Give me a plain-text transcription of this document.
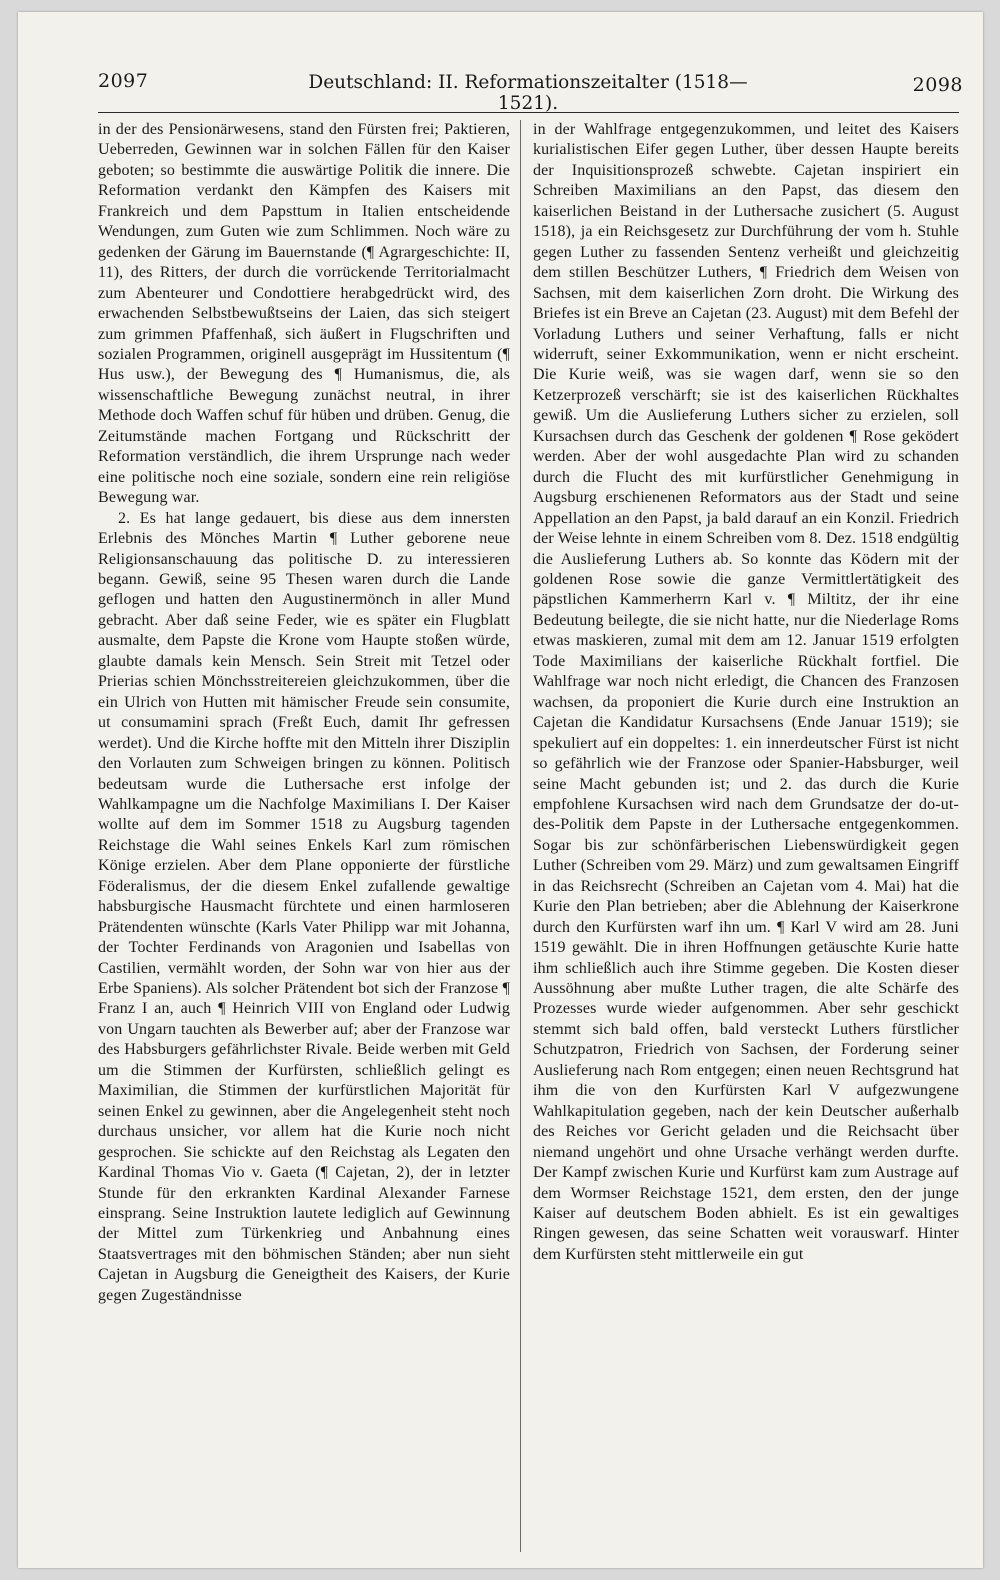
2097	Deutschland: II. Reformationszeitalter (1518—1521).
2098

in der des Pensionärwesens, stand den Fürsten frei; Paktieren, Ueberreden, Gewinnen war in solchen Fällen für den Kaiser geboten; so bestimmte die auswärtige Politik die innere. Die Reformation verdankt den Kämpfen des Kaisers mit Frankreich und dem Papsttum in Italien entscheidende Wendungen, zum Guten wie zum Schlimmen. Noch wäre zu gedenken der Gärung im Bauernstande (¶ Agrargeschichte: II, 11), des Ritters, der durch die vorrückende Territorialmacht zum Abenteurer und Condottiere herabgedrückt wird, des erwachenden Selbstbewußtseins der Laien, das sich steigert zum grimmen Pfaffenhaß, sich äußert in Flugschriften und sozialen Programmen, originell ausgeprägt im Hussitentum (¶ Hus usw.), der Bewegung des ¶ Humanismus, die, als wissenschaftliche Bewegung zunächst neutral, in ihrer Methode doch Waffen schuf für hüben und drüben. Genug, die Zeitumstände machen Fortgang und Rückschritt der Reformation verständlich, die ihrem Ursprunge nach weder eine politische noch eine soziale, sondern eine rein religiöse Bewegung war.

2. Es hat lange gedauert, bis diese aus dem innersten Erlebnis des Mönches Martin ¶ Luther geborene neue Religionsanschauung das politische D. zu interessieren begann. Gewiß, seine 95 Thesen waren durch die Lande geflogen und hatten den Augustinermönch in aller Mund gebracht. Aber daß seine Feder, wie es später ein Flugblatt ausmalte, dem Papste die Krone vom Haupte stoßen würde, glaubte damals kein Mensch. Sein Streit mit Tetzel oder Prierias schien Mönchsstreitereien gleichzukommen, über die ein Ulrich von Hutten mit hämischer Freude sein consumite, ut consumamini sprach (Freßt Euch, damit Ihr gefressen werdet). Und die Kirche hoffte mit den Mitteln ihrer Disziplin den Vorlauten zum Schweigen bringen zu können. Politisch bedeutsam wurde die Luthersache erst infolge der Wahlkampagne um die Nachfolge Maximilians I. Der Kaiser wollte auf dem im Sommer 1518 zu Augsburg tagenden Reichstage die Wahl seines Enkels Karl zum römischen Könige erzielen. Aber dem Plane opponierte der fürstliche Föderalismus, der die diesem Enkel zufallende gewaltige habsburgische Hausmacht fürchtete und einen harmloseren Prätendenten wünschte (Karls Vater Philipp war mit Johanna, der Tochter Ferdinands von Aragonien und Isabellas von Castilien, vermählt worden, der Sohn war von hier aus der Erbe Spaniens). Als solcher Prätendent bot sich der Franzose ¶ Franz I an, auch ¶ Heinrich VIII von England oder Ludwig von Ungarn tauchten als Bewerber auf; aber der Franzose war des Habsburgers gefährlichster Rivale. Beide werben mit Geld um die Stimmen der Kurfürsten, schließlich gelingt es Maximilian, die Stimmen der kurfürstlichen Majorität für seinen Enkel zu gewinnen, aber die Angelegenheit steht noch durchaus unsicher, vor allem hat die Kurie noch nicht gesprochen. Sie schickte auf den Reichstag als Legaten den Kardinal Thomas Vio v. Gaeta (¶ Cajetan, 2), der in letzter Stunde für den erkrankten Kardinal Alexander Farnese einsprang. Seine Instruktion lautete lediglich auf Gewinnung der Mittel zum Türkenkrieg und Anbahnung eines Staatsvertrages mit den böhmischen Ständen; aber nun sieht Cajetan in Augsburg die Geneigtheit des Kaisers, der Kurie gegen Zugeständnisse

in der Wahlfrage entgegenzukommen, und leitet des Kaisers kurialistischen Eifer gegen Luther, über dessen Haupte bereits der Inquisitionsprozeß schwebte. Cajetan inspiriert ein Schreiben Maximilians an den Papst, das diesem den kaiserlichen Beistand in der Luthersache zusichert (5. August 1518), ja ein Reichsgesetz zur Durchführung der vom h. Stuhle gegen Luther zu fassenden Sentenz verheißt und gleichzeitig dem stillen Beschützer Luthers, ¶ Friedrich dem Weisen von Sachsen, mit dem kaiserlichen Zorn droht. Die Wirkung des Briefes ist ein Breve an Cajetan (23. August) mit dem Befehl der Vorladung Luthers und seiner Verhaftung, falls er nicht widerruft, seiner Exkommunikation, wenn er nicht erscheint. Die Kurie weiß, was sie wagen darf, wenn sie so den Ketzerprozeß verschärft; sie ist des kaiserlichen Rückhaltes gewiß. Um die Auslieferung Luthers sicher zu erzielen, soll Kursachsen durch das Geschenk der goldenen ¶ Rose geködert werden. Aber der wohl ausgedachte Plan wird zu schanden durch die Flucht des mit kurfürstlicher Genehmigung in Augsburg erschienenen Reformators aus der Stadt und seine Appellation an den Papst, ja bald darauf an ein Konzil. Friedrich der Weise lehnte in einem Schreiben vom 8. Dez. 1518 endgültig die Auslieferung Luthers ab. So konnte das Ködern mit der goldenen Rose sowie die ganze Vermittlertätigkeit des päpstlichen Kammerherrn Karl v. ¶ Miltitz, der ihr eine Bedeutung beilegte, die sie nicht hatte, nur die Niederlage Roms etwas maskieren, zumal mit dem am 12. Januar 1519 erfolgten Tode Maximilians der kaiserliche Rückhalt fortfiel. Die Wahlfrage war noch nicht erledigt, die Chancen des Franzosen wachsen, da proponiert die Kurie durch eine Instruktion an Cajetan die Kandidatur Kursachsens (Ende Januar 1519); sie spekuliert auf ein doppeltes: 1. ein innerdeutscher Fürst ist nicht so gefährlich wie der Franzose oder Spanier-Habsburger, weil seine Macht gebunden ist; und 2. das durch die Kurie empfohlene Kursachsen wird nach dem Grundsatze der do-ut-des-Politik dem Papste in der Luthersache entgegenkommen. Sogar bis zur schönfärberischen Liebenswürdigkeit gegen Luther (Schreiben vom 29. März) und zum gewaltsamen Eingriff in das Reichsrecht (Schreiben an Cajetan vom 4. Mai) hat die Kurie den Plan betrieben; aber die Ablehnung der Kaiserkrone durch den Kurfürsten warf ihn um. ¶ Karl V wird am 28. Juni 1519 gewählt. Die in ihren Hoffnungen getäuschte Kurie hatte ihm schließlich auch ihre Stimme gegeben. Die Kosten dieser Aussöhnung aber mußte Luther tragen, die alte Schärfe des Prozesses wurde wieder aufgenommen. Aber sehr geschickt stemmt sich bald offen, bald versteckt Luthers fürstlicher Schutzpatron, Friedrich von Sachsen, der Forderung seiner Auslieferung nach Rom entgegen; einen neuen Rechtsgrund hat ihm die von den Kurfürsten Karl V aufgezwungene Wahlkapitulation gegeben, nach der kein Deutscher außerhalb des Reiches vor Gericht geladen und die Reichsacht über niemand ungehört und ohne Ursache verhängt werden durfte. Der Kampf zwischen Kurie und Kurfürst kam zum Austrage auf dem Wormser Reichstage 1521, dem ersten, den der junge Kaiser auf deutschem Boden abhielt. Es ist ein gewaltiges Ringen gewesen, das seine Schatten weit vorauswarf. Hinter dem Kurfürsten steht mittlerweile ein gut
